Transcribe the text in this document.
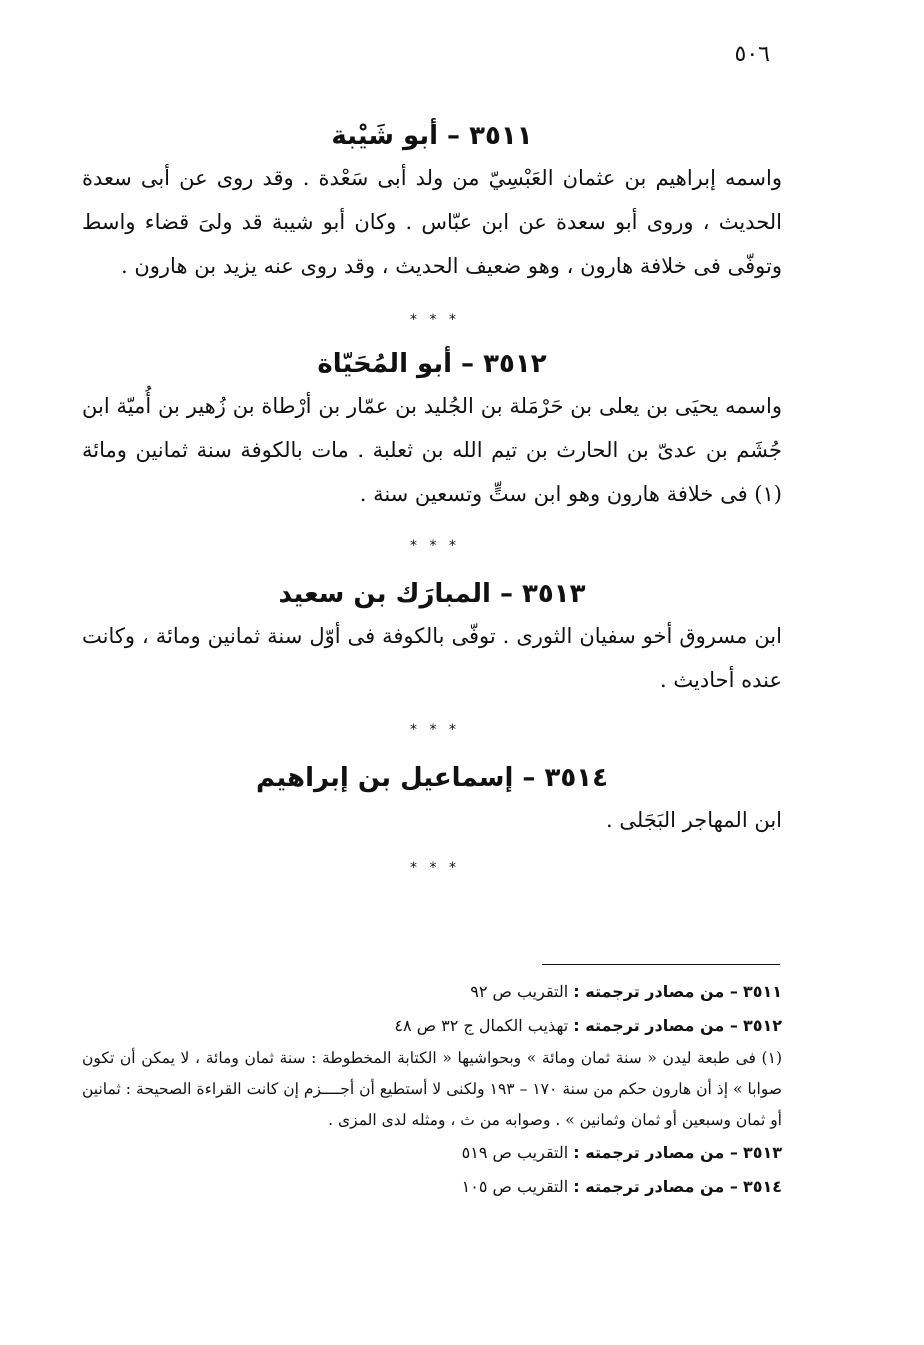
٥٠٦
٣٥١١ – أبو شَيْبة

واسمه إبراهيم بن عثمان العَبْسِيّ من ولد أبى سَعْدة . وقد روى عن أبى سعدة الحديث ، وروى أبو سعدة عن ابن عبّاس . وكان أبو شيبة قد ولىَ قضاء واسط وتوفّى فى خلافة هارون ، وهو ضعيف الحديث ، وقد روى عنه يزيد بن هارون .

* * *
٣٥١٢ – أبو المُحَيّاة

واسمه يحيَى بن يعلى بن حَرْمَلة بن الجُليد بن عمّار بن أرْطاة بن زُهير بن أُميّة ابن جُشَم بن عدىّ بن الحارث بن تيم الله بن ثعلبة . مات بالكوفة سنة ثمانين ومائة (١) فى خلافة هارون وهو ابن ستٍّ وتسعين سنة .

* * *
٣٥١٣ – المبارَك بن سعيد

ابن مسروق أخو سفيان الثورى . توفّى بالكوفة فى أوّل سنة ثمانين ومائة ، وكانت عنده أحاديث .

* * *
٣٥١٤ – إسماعيل بن إبراهيم

ابن المهاجر البَجَلى .

* * *

٣٥١١ – من مصادر ترجمته : التقريب ص ٩٢

٣٥١٢ – من مصادر ترجمته : تهذيب الكمال ج ٣٢ ص ٤٨

(١) فى طبعة ليدن « سنة ثمان ومائة » وبحواشيها « الكتابة المخطوطة : سنة ثمان ومائة ، لا يمكن أن تكون صوابا » إذ أن هارون حكم من سنة ١٧٠ – ١٩٣ ولكنى لا أستطيع أن أجــــزم إن كانت القراءة الصحيحة : ثمانين أو ثمان وسبعين أو ثمان وثمانين » . وصوابه من ث ، ومثله لدى المزى .

٣٥١٣ – من مصادر ترجمته : التقريب ص ٥١٩

٣٥١٤ – من مصادر ترجمته : التقريب ص ١٠٥
